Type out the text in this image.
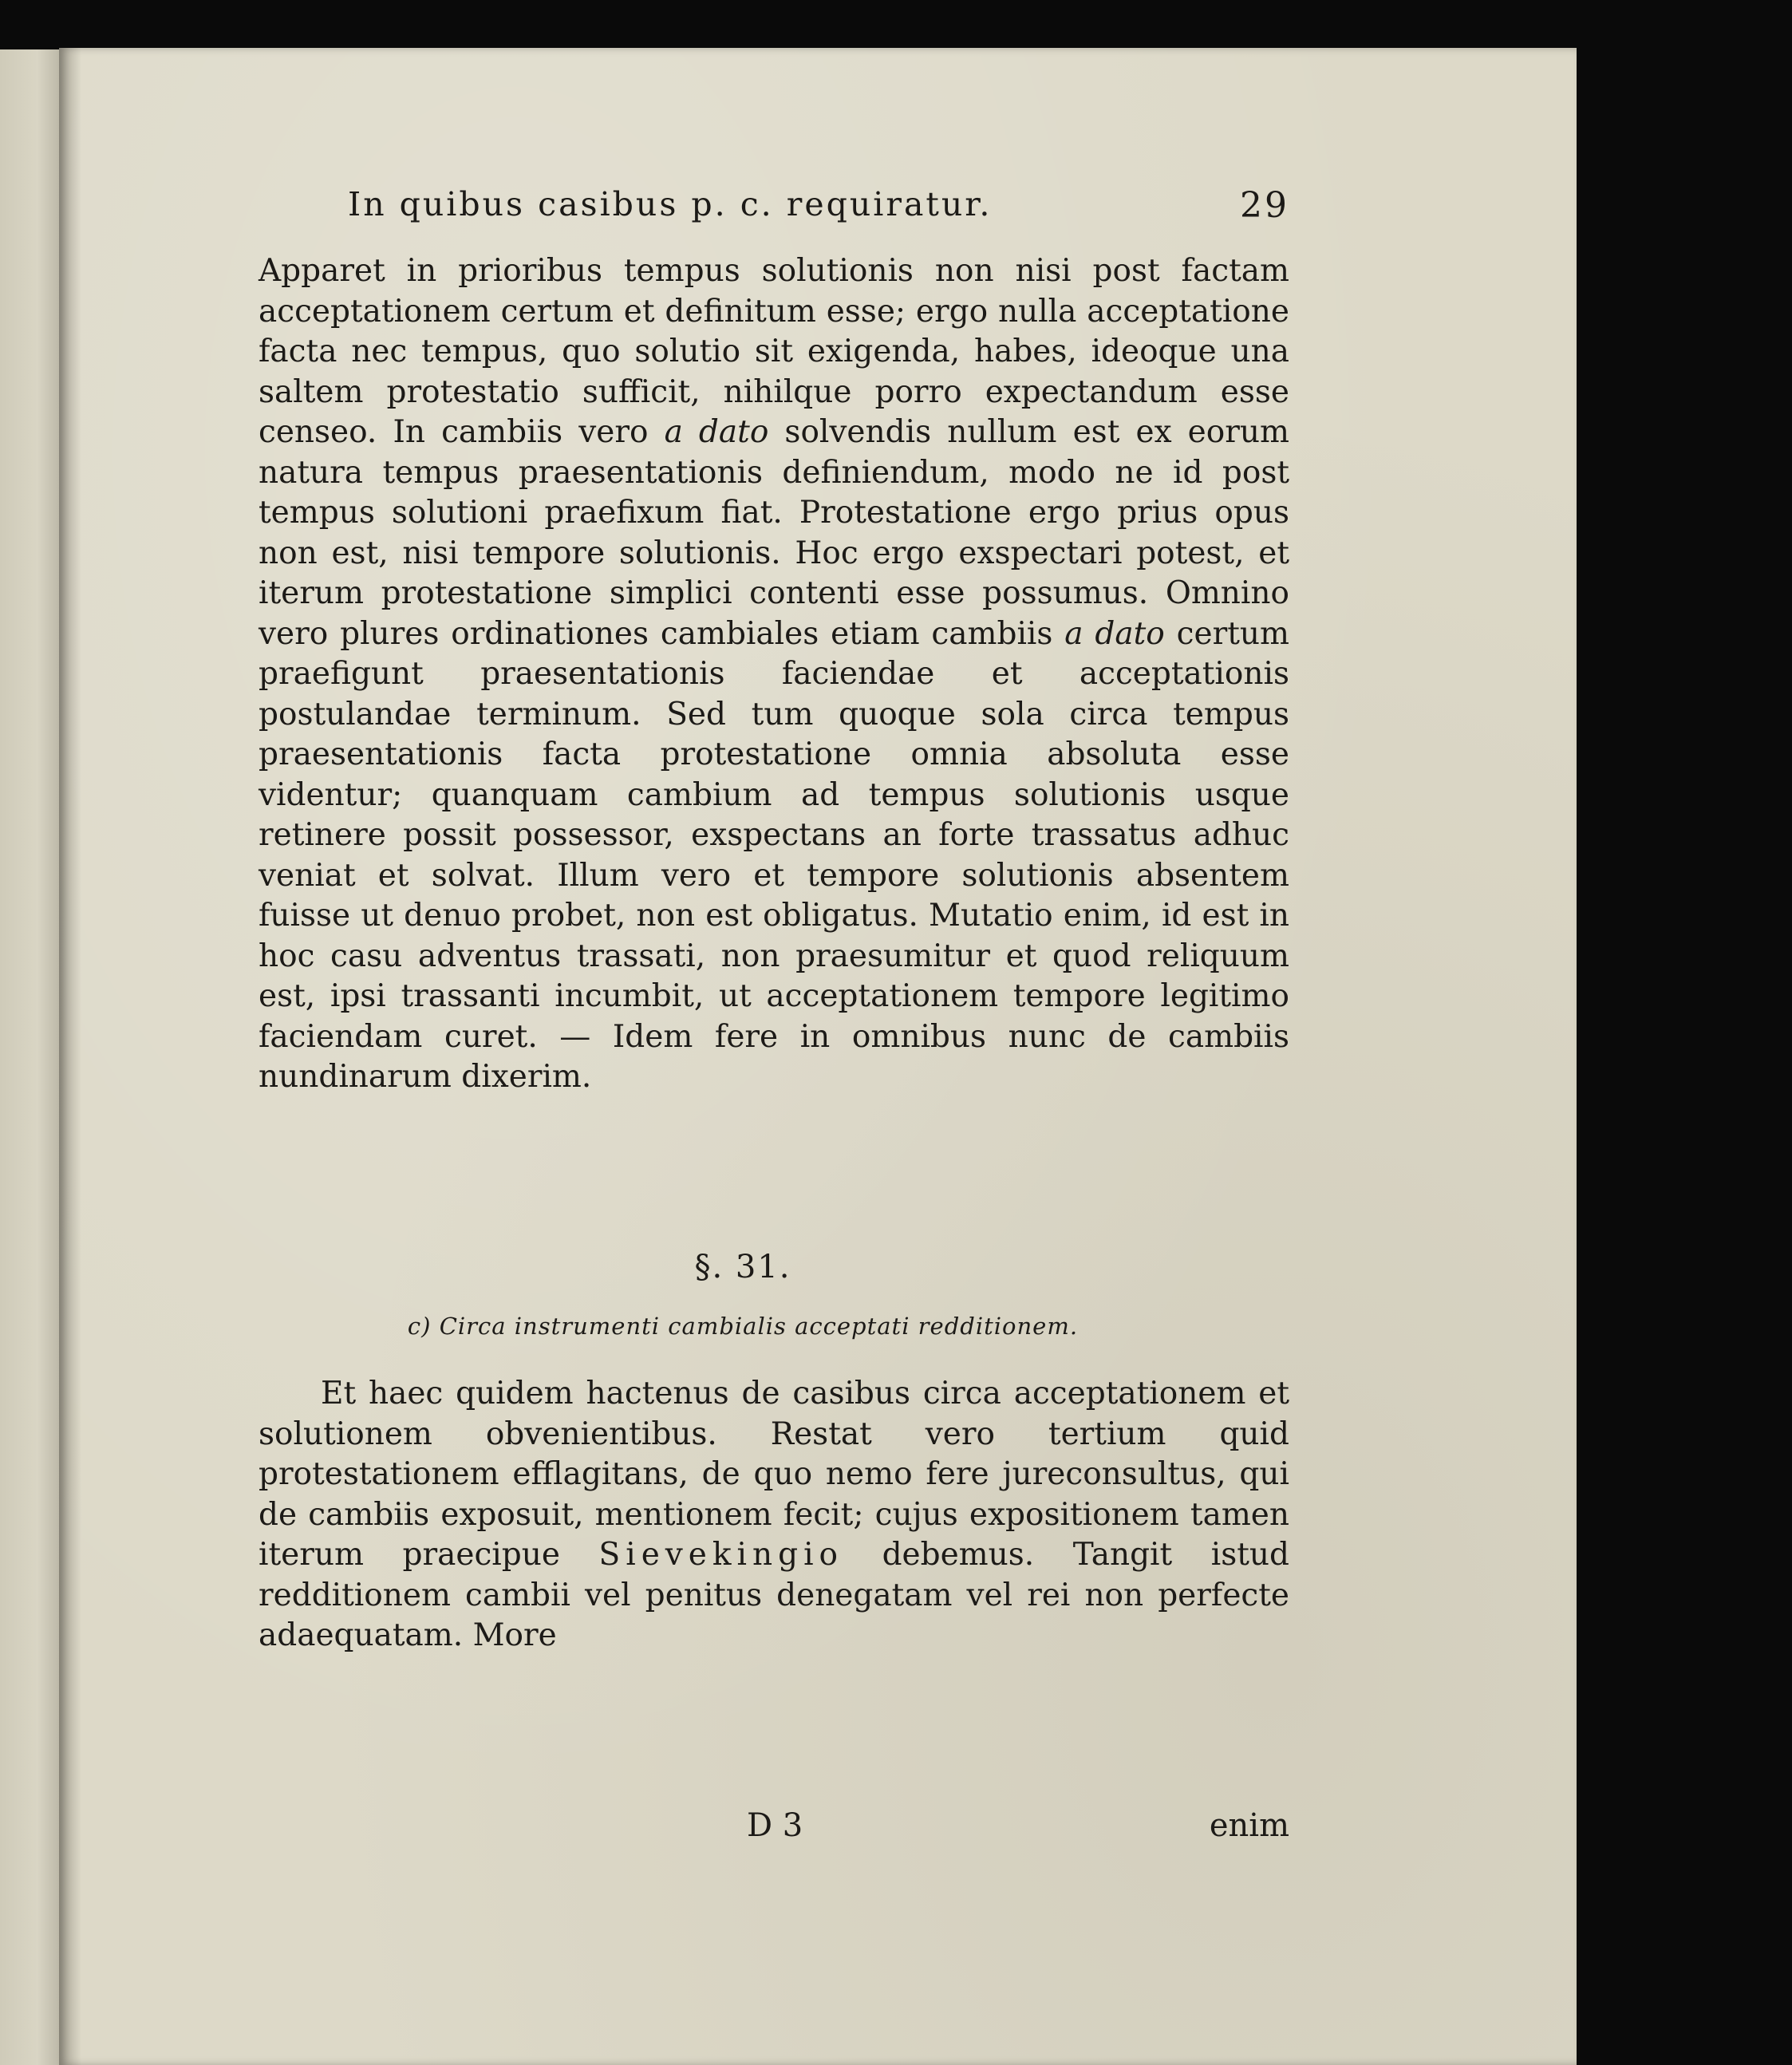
In quibus casibus p. c. requiratur.	29

Apparet in prioribus tempus solutionis non nisi post factam acceptationem certum et definitum esse; ergo nulla acceptatione facta nec tempus, quo solutio sit exigenda, habes, ideoque una saltem protestatio sufficit, nihilque porro expectandum esse censeo. In cambiis vero a dato solvendis nullum est ex eorum natura tempus praesentationis definiendum, modo ne id post tempus solutioni praefixum fiat. Protestatione ergo prius opus non est, nisi tempore solutionis. Hoc ergo exspectari potest, et iterum protestatione simplici contenti esse possumus. Omnino vero plures ordinationes cambiales etiam cambiis a dato certum praefigunt praesentationis faciendae et acceptationis postulandae terminum. Sed tum quoque sola circa tempus praesentationis facta protestatione omnia absoluta esse videntur; quanquam cambium ad tempus solutionis usque retinere possit possessor, exspectans an forte trassatus adhuc veniat et solvat. Illum vero et tempore solutionis absentem fuisse ut denuo probet, non est obligatus. Mutatio enim, id est in hoc casu adventus trassati, non praesumitur et quod reliquum est, ipsi trassanti incumbit, ut acceptationem tempore legitimo faciendam curet. — Idem fere in omnibus nunc de cambiis nundinarum dixerim.

§. 31.
c) Circa instrumenti cambialis acceptati redditionem.

Et haec quidem hactenus de casibus circa acceptationem et solutionem obvenientibus. Restat vero tertium quid protestationem efflagitans, de quo nemo fere jureconsultus, qui de cambiis exposuit, mentionem fecit; cujus expositionem tamen iterum praecipue Sievekingio debemus. Tangit istud redditionem cambii vel penitus denegatam vel rei non perfecte adaequatam. More

D 3	enim
